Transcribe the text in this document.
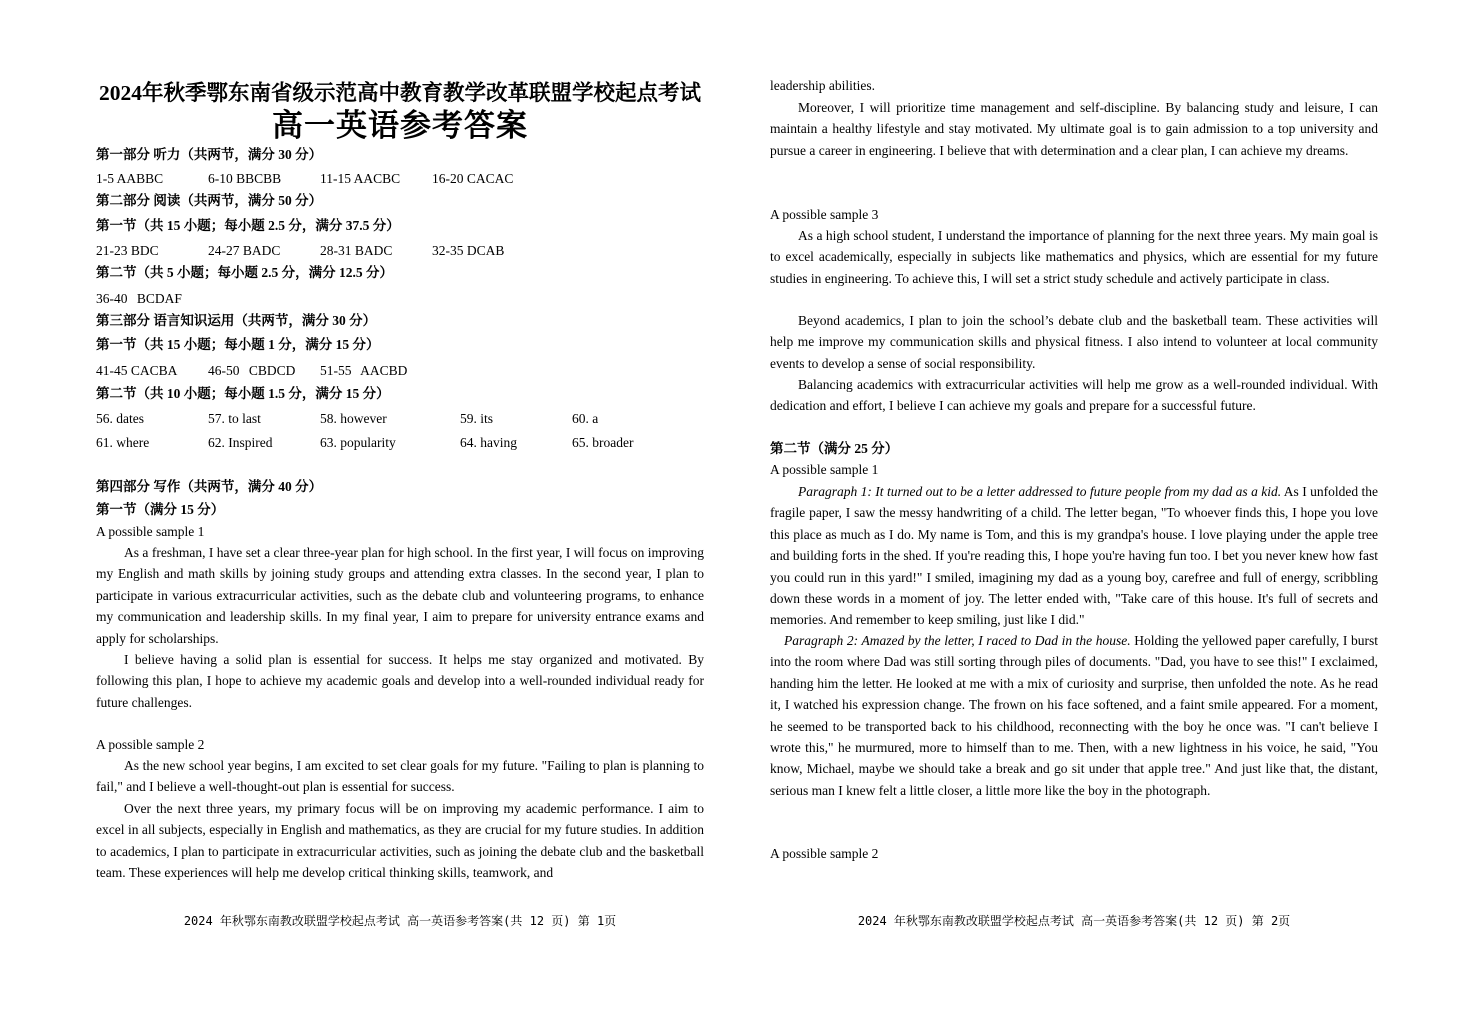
2024年秋季鄂东南省级示范高中教育教学改革联盟学校起点考试
高一英语参考答案
第一部分 听力（共两节，满分 30 分）
1-5 AABBC	6-10 BBCBB	11-15 AACBC 16-20 CACAC
第二部分 阅读（共两节，满分 50 分）
第一节（共 15 小题；每小题 2.5 分，满分 37.5 分）
21-23 BDC	24-27 BADC	28-31 BADC	32-35 DCAB
第二节（共 5 小题；每小题 2.5 分，满分 12.5 分）
36-40 BCDAF
第三部分 语言知识运用（共两节，满分 30 分）
第一节（共 15 小题；每小题 1 分，满分 15 分）
41-45 CACBA 46-50 CBDCD 51-55 AACBD
第二节（共 10 小题；每小题 1.5 分，满分 15 分）
56. dates	57. to last	58. however	59. its	60. a
61. where	62. Inspired	63. popularity	64. having	65. broader
第四部分 写作（共两节，满分 40 分）
第一节（满分 15 分）

A possible sample 1

As a freshman, I have set a clear three-year plan for high school. In the first year, I will focus on improving my English and math skills by joining study groups and attending extra classes. In the second year, I plan to participate in various extracurricular activities, such as the debate club and volunteering programs, to enhance my communication and leadership skills. In my final year, I aim to prepare for university entrance exams and apply for scholarships.

I believe having a solid plan is essential for success. It helps me stay organized and motivated. By following this plan, I hope to achieve my academic goals and develop into a well-rounded individual ready for future challenges.

A possible sample 2

As the new school year begins, I am excited to set clear goals for my future. "Failing to plan is planning to fail," and I believe a well-thought-out plan is essential for success.

Over the next three years, my primary focus will be on improving my academic performance. I aim to excel in all subjects, especially in English and mathematics, as they are crucial for my future studies. In addition to academics, I plan to participate in extracurricular activities, such as joining the debate club and the basketball team. These experiences will help me develop critical thinking skills, teamwork, and

2024 年秋鄂东南教改联盟学校起点考试 高一英语参考答案(共 12 页) 第 1页

leadership abilities.

Moreover, I will prioritize time management and self-discipline. By balancing study and leisure, I can maintain a healthy lifestyle and stay motivated. My ultimate goal is to gain admission to a top university and pursue a career in engineering. I believe that with determination and a clear plan, I can achieve my dreams.

A possible sample 3

As a high school student, I understand the importance of planning for the next three years. My main goal is to excel academically, especially in subjects like mathematics and physics, which are essential for my future studies in engineering. To achieve this, I will set a strict study schedule and actively participate in class.

Beyond academics, I plan to join the school’s debate club and the basketball team. These activities will help me improve my communication skills and physical fitness. I also intend to volunteer at local community events to develop a sense of social responsibility.

Balancing academics with extracurricular activities will help me grow as a well-rounded individual. With dedication and effort, I believe I can achieve my goals and prepare for a successful future.

第二节（满分 25 分）

A possible sample 1

Paragraph 1: It turned out to be a letter addressed to future people from my dad as a kid. As I unfolded the fragile paper, I saw the messy handwriting of a child. The letter began, "To whoever finds this, I hope you love this place as much as I do. My name is Tom, and this is my grandpa's house. I love playing under the apple tree and building forts in the shed. If you're reading this, I hope you're having fun too. I bet you never knew how fast you could run in this yard!" I smiled, imagining my dad as a young boy, carefree and full of energy, scribbling down these words in a moment of joy. The letter ended with, "Take care of this house. It's full of secrets and memories. And remember to keep smiling, just like I did."

Paragraph 2: Amazed by the letter, I raced to Dad in the house. Holding the yellowed paper carefully, I burst into the room where Dad was still sorting through piles of documents. "Dad, you have to see this!" I exclaimed, handing him the letter. He looked at me with a mix of curiosity and surprise, then unfolded the note. As he read it, I watched his expression change. The frown on his face softened, and a faint smile appeared. For a moment, he seemed to be transported back to his childhood, reconnecting with the boy he once was. "I can't believe I wrote this," he murmured, more to himself than to me. Then, with a new lightness in his voice, he said, "You know, Michael, maybe we should take a break and go sit under that apple tree." And just like that, the distant, serious man I knew felt a little closer, a little more like the boy in the photograph.

A possible sample 2

2024 年秋鄂东南教改联盟学校起点考试 高一英语参考答案(共 12 页) 第 2页
